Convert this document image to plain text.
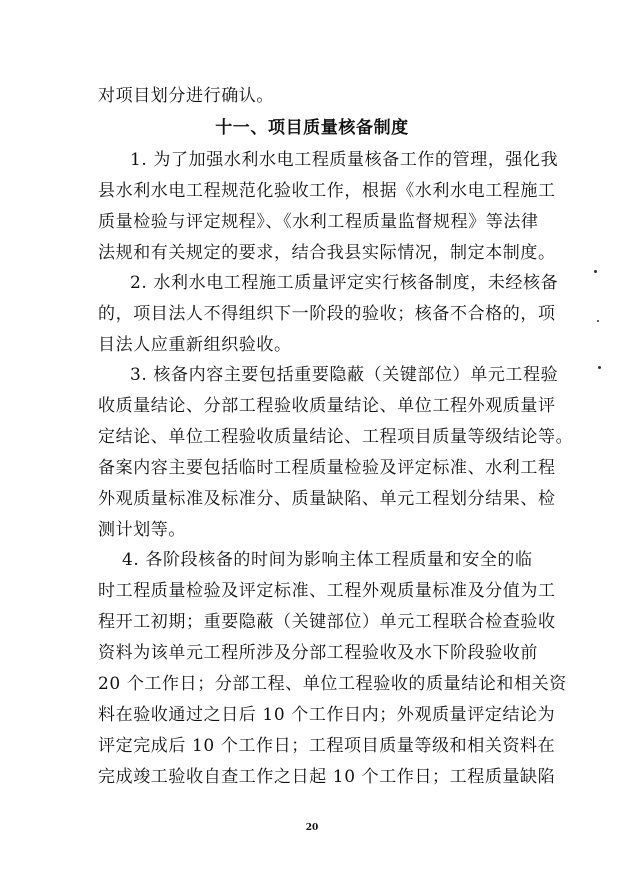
对项目划分进行确认。
十一、项目质量核备制度
1. 为了加强水利水电工程质量核备工作的管理，强化我
县水利水电工程规范化验收工作，根据《水利水电工程施工
质量检验与评定规程》、《水利工程质量监督规程》等法律
法规和有关规定的要求，结合我县实际情况，制定本制度。
2. 水利水电工程施工质量评定实行核备制度，未经核备
的，项目法人不得组织下一阶段的验收；核备不合格的，项
目法人应重新组织验收。
3. 核备内容主要包括重要隐蔽（关键部位）单元工程验
收质量结论、分部工程验收质量结论、单位工程外观质量评
定结论、单位工程验收质量结论、工程项目质量等级结论等。
备案内容主要包括临时工程质量检验及评定标准、水利工程
外观质量标准及标准分、质量缺陷、单元工程划分结果、检
测计划等。
4. 各阶段核备的时间为影响主体工程质量和安全的临
时工程质量检验及评定标准、工程外观质量标准及分值为工
程开工初期；重要隐蔽（关键部位）单元工程联合检查验收
资料为该单元工程所涉及分部工程验收及水下阶段验收前
20 个工作日；分部工程、单位工程验收的质量结论和相关资
料在验收通过之日后 10 个工作日内；外观质量评定结论为
评定完成后 10 个工作日；工程项目质量等级和相关资料在
完成竣工验收自查工作之日起 10 个工作日；工程质量缺陷
20
